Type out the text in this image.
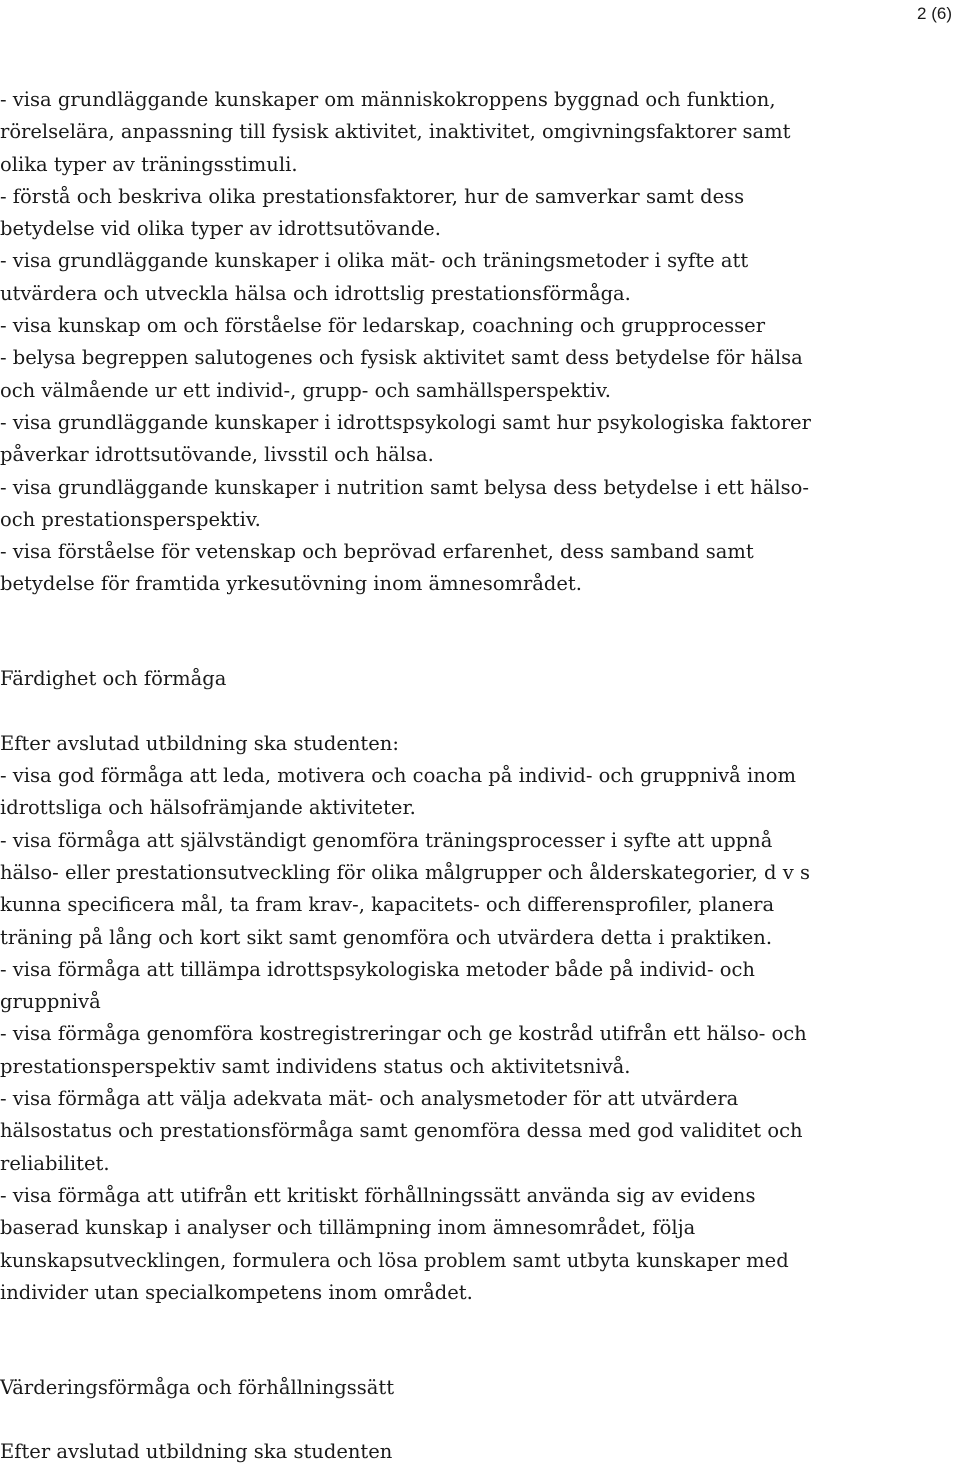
2 (6)

- visa grundläggande kunskaper om människokroppens byggnad och funktion,
rörelselära, anpassning till fysisk aktivitet, inaktivitet, omgivningsfaktorer samt
olika typer av träningsstimuli.
- förstå och beskriva olika prestationsfaktorer, hur de samverkar samt dess
betydelse vid olika typer av idrottsutövande.
- visa grundläggande kunskaper i olika mät- och träningsmetoder i syfte att
utvärdera och utveckla hälsa och idrottslig prestationsförmåga.
- visa kunskap om och förståelse för ledarskap, coachning och grupprocesser
- belysa begreppen salutogenes och fysisk aktivitet samt dess betydelse för hälsa
och välmående ur ett individ-, grupp- och samhällsperspektiv.
- visa grundläggande kunskaper i idrottspsykologi samt hur psykologiska faktorer
påverkar idrottsutövande, livsstil och hälsa.
- visa grundläggande kunskaper i nutrition samt belysa dess betydelse i ett hälso-
och prestationsperspektiv.
- visa förståelse för vetenskap och beprövad erfarenhet, dess samband samt
betydelse för framtida yrkesutövning inom ämnesområdet.

Färdighet och förmåga

Efter avslutad utbildning ska studenten:
- visa god förmåga att leda, motivera och coacha på individ- och gruppnivå inom
idrottsliga och hälsofrämjande aktiviteter.
- visa förmåga att självständigt genomföra träningsprocesser i syfte att uppnå
hälso- eller prestationsutveckling för olika målgrupper och ålderskategorier, d v s
kunna specificera mål, ta fram krav-, kapacitets- och differensprofiler, planera
träning på lång och kort sikt samt genomföra och utvärdera detta i praktiken.
- visa förmåga att tillämpa idrottspsykologiska metoder både på individ- och
gruppnivå
- visa förmåga genomföra kostregistreringar och ge kostråd utifrån ett hälso- och
prestationsperspektiv samt individens status och aktivitetsnivå.
- visa förmåga att välja adekvata mät- och analysmetoder för att utvärdera
hälsostatus och prestationsförmåga samt genomföra dessa med god validitet och
reliabilitet.
- visa förmåga att utifrån ett kritiskt förhållningssätt använda sig av evidens
baserad kunskap i analyser och tillämpning inom ämnesområdet, följa
kunskapsutvecklingen, formulera och lösa problem samt utbyta kunskaper med
individer utan specialkompetens inom området.

Värderingsförmåga och förhållningssätt

Efter avslutad utbildning ska studenten
